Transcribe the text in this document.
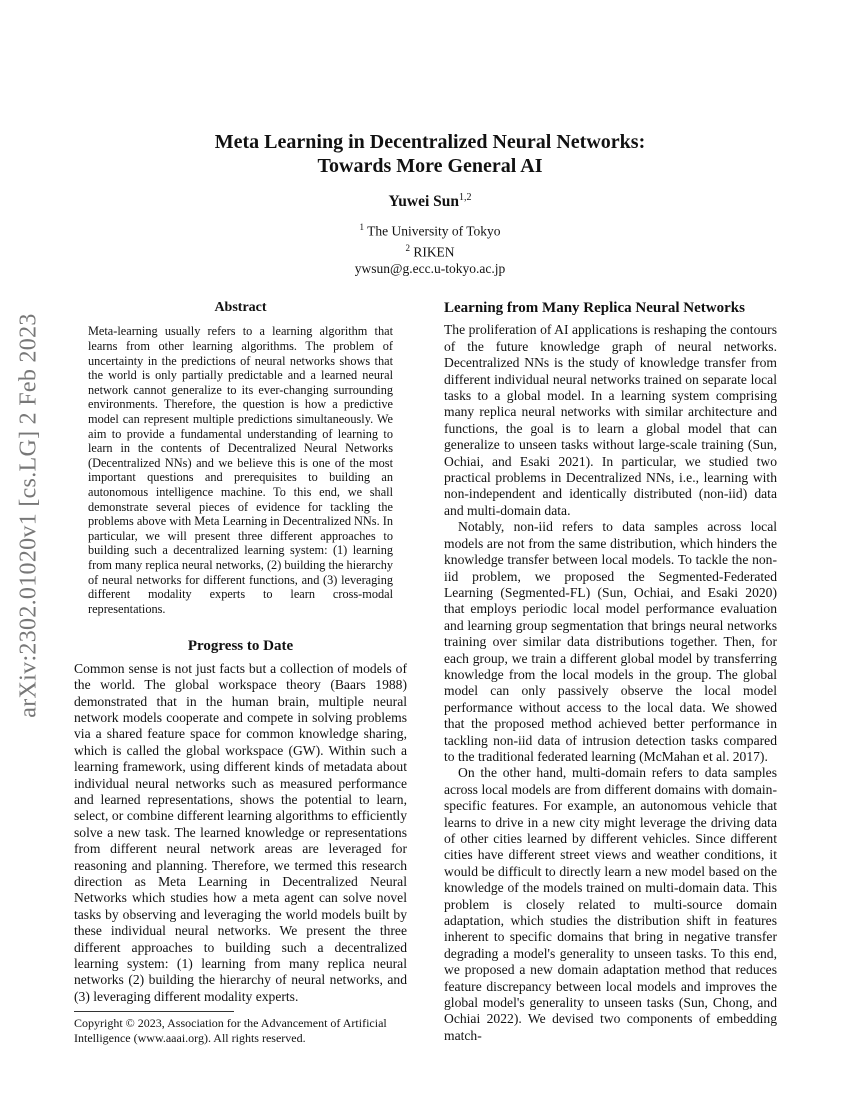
arXiv:2302.01020v1 [cs.LG] 2 Feb 2023
Meta Learning in Decentralized Neural Networks:
Towards More General AI
Yuwei Sun$^{1,2}$
$^1$ The University of Tokyo
$^2$ RIKEN
ywsun@g.ecc.u-tokyo.ac.jp
Abstract

Meta-learning usually refers to a learning algorithm that learns from other learning algorithms. The problem of uncertainty in the predictions of neural networks shows that the world is only partially predictable and a learned neural network cannot generalize to its ever-changing surrounding environments. Therefore, the question is how a predictive model can represent multiple predictions simultaneously. We aim to provide a fundamental understanding of learning to learn in the contents of Decentralized Neural Networks (Decentralized NNs) and we believe this is one of the most important questions and prerequisites to building an autonomous intelligence machine. To this end, we shall demonstrate several pieces of evidence for tackling the problems above with Meta Learning in Decentralized NNs. In particular, we will present three different approaches to building such a decentralized learning system: (1) learning from many replica neural networks, (2) building the hierarchy of neural networks for different functions, and (3) leveraging different modality experts to learn cross-modal representations.

Progress to Date

Common sense is not just facts but a collection of models of the world. The global workspace theory (Baars 1988) demonstrated that in the human brain, multiple neural network models cooperate and compete in solving problems via a shared feature space for common knowledge sharing, which is called the global workspace (GW). Within such a learning framework, using different kinds of metadata about individual neural networks such as measured performance and learned representations, shows the potential to learn, select, or combine different learning algorithms to efficiently solve a new task. The learned knowledge or representations from different neural network areas are leveraged for reasoning and planning. Therefore, we termed this research direction as Meta Learning in Decentralized Neural Networks which studies how a meta agent can solve novel tasks by observing and leveraging the world models built by these individual neural networks. We present the three different approaches to building such a decentralized learning system: (1) learning from many replica neural networks (2) building the hierarchy of neural networks, and (3) leveraging different modality experts.

Copyright © 2023, Association for the Advancement of Artificial Intelligence (www.aaai.org). All rights reserved.
Learning from Many Replica Neural Networks

The proliferation of AI applications is reshaping the contours of the future knowledge graph of neural networks. Decentralized NNs is the study of knowledge transfer from different individual neural networks trained on separate local tasks to a global model. In a learning system comprising many replica neural networks with similar architecture and functions, the goal is to learn a global model that can generalize to unseen tasks without large-scale training (Sun, Ochiai, and Esaki 2021). In particular, we studied two practical problems in Decentralized NNs, i.e., learning with non-independent and identically distributed (non-iid) data and multi-domain data.

Notably, non-iid refers to data samples across local models are not from the same distribution, which hinders the knowledge transfer between local models. To tackle the non-iid problem, we proposed the Segmented-Federated Learning (Segmented-FL) (Sun, Ochiai, and Esaki 2020) that employs periodic local model performance evaluation and learning group segmentation that brings neural networks training over similar data distributions together. Then, for each group, we train a different global model by transferring knowledge from the local models in the group. The global model can only passively observe the local model performance without access to the local data. We showed that the proposed method achieved better performance in tackling non-iid data of intrusion detection tasks compared to the traditional federated learning (McMahan et al. 2017).

On the other hand, multi-domain refers to data samples across local models are from different domains with domain-specific features. For example, an autonomous vehicle that learns to drive in a new city might leverage the driving data of other cities learned by different vehicles. Since different cities have different street views and weather conditions, it would be difficult to directly learn a new model based on the knowledge of the models trained on multi-domain data. This problem is closely related to multi-source domain adaptation, which studies the distribution shift in features inherent to specific domains that bring in negative transfer degrading a model's generality to unseen tasks. To this end, we proposed a new domain adaptation method that reduces feature discrepancy between local models and improves the global model's generality to unseen tasks (Sun, Chong, and Ochiai 2022). We devised two components of embedding match-
